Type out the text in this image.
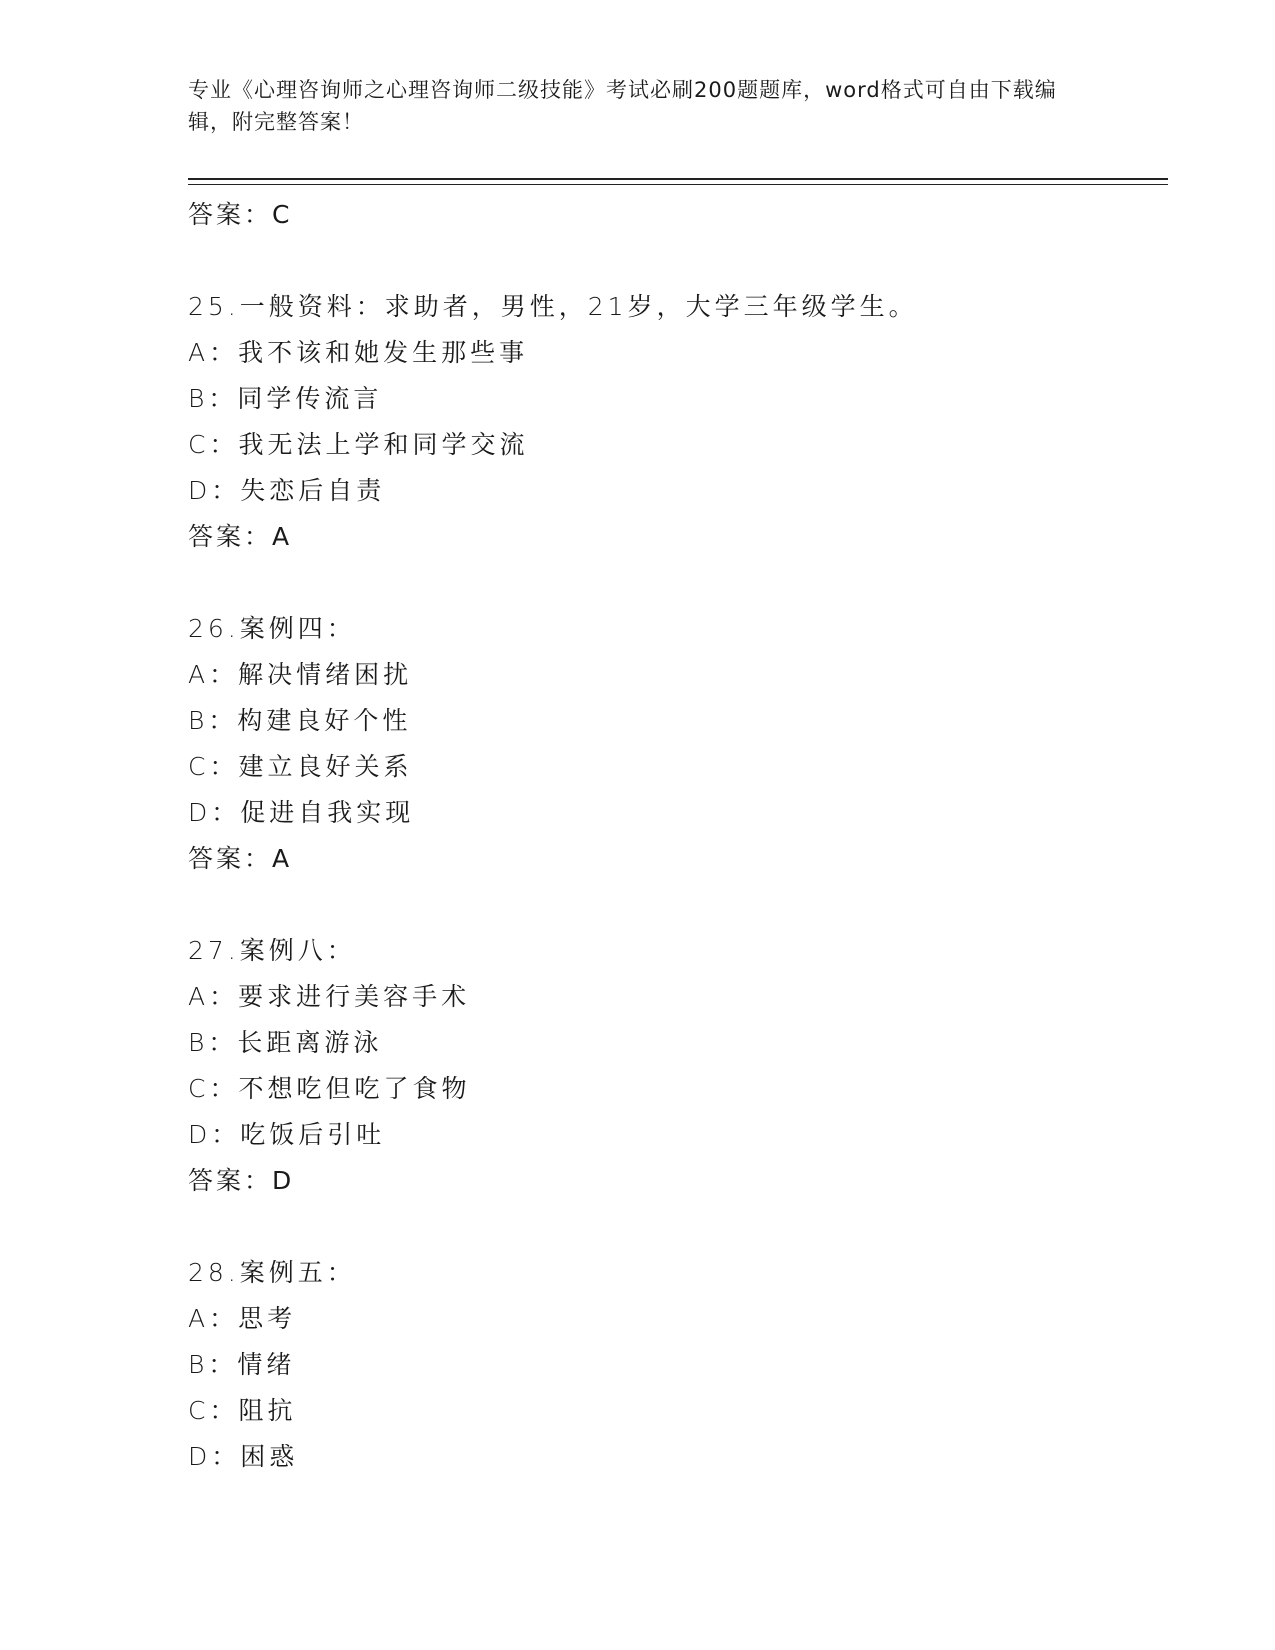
专业《心理咨询师之心理咨询师二级技能》考试必刷200题题库，word格式可自由下载编辑，附完整答案！
答案：C
25.一般资料：求助者，男性，21岁，大学三年级学生。
A：我不该和她发生那些事
B：同学传流言
C：我无法上学和同学交流
D：失恋后自责
答案：A
26.案例四：
A：解决情绪困扰
B：构建良好个性
C：建立良好关系
D：促进自我实现
答案：A
27.案例八：
A：要求进行美容手术
B：长距离游泳
C：不想吃但吃了食物
D：吃饭后引吐
答案：D
28.案例五：
A：思考
B：情绪
C：阻抗
D：困惑
